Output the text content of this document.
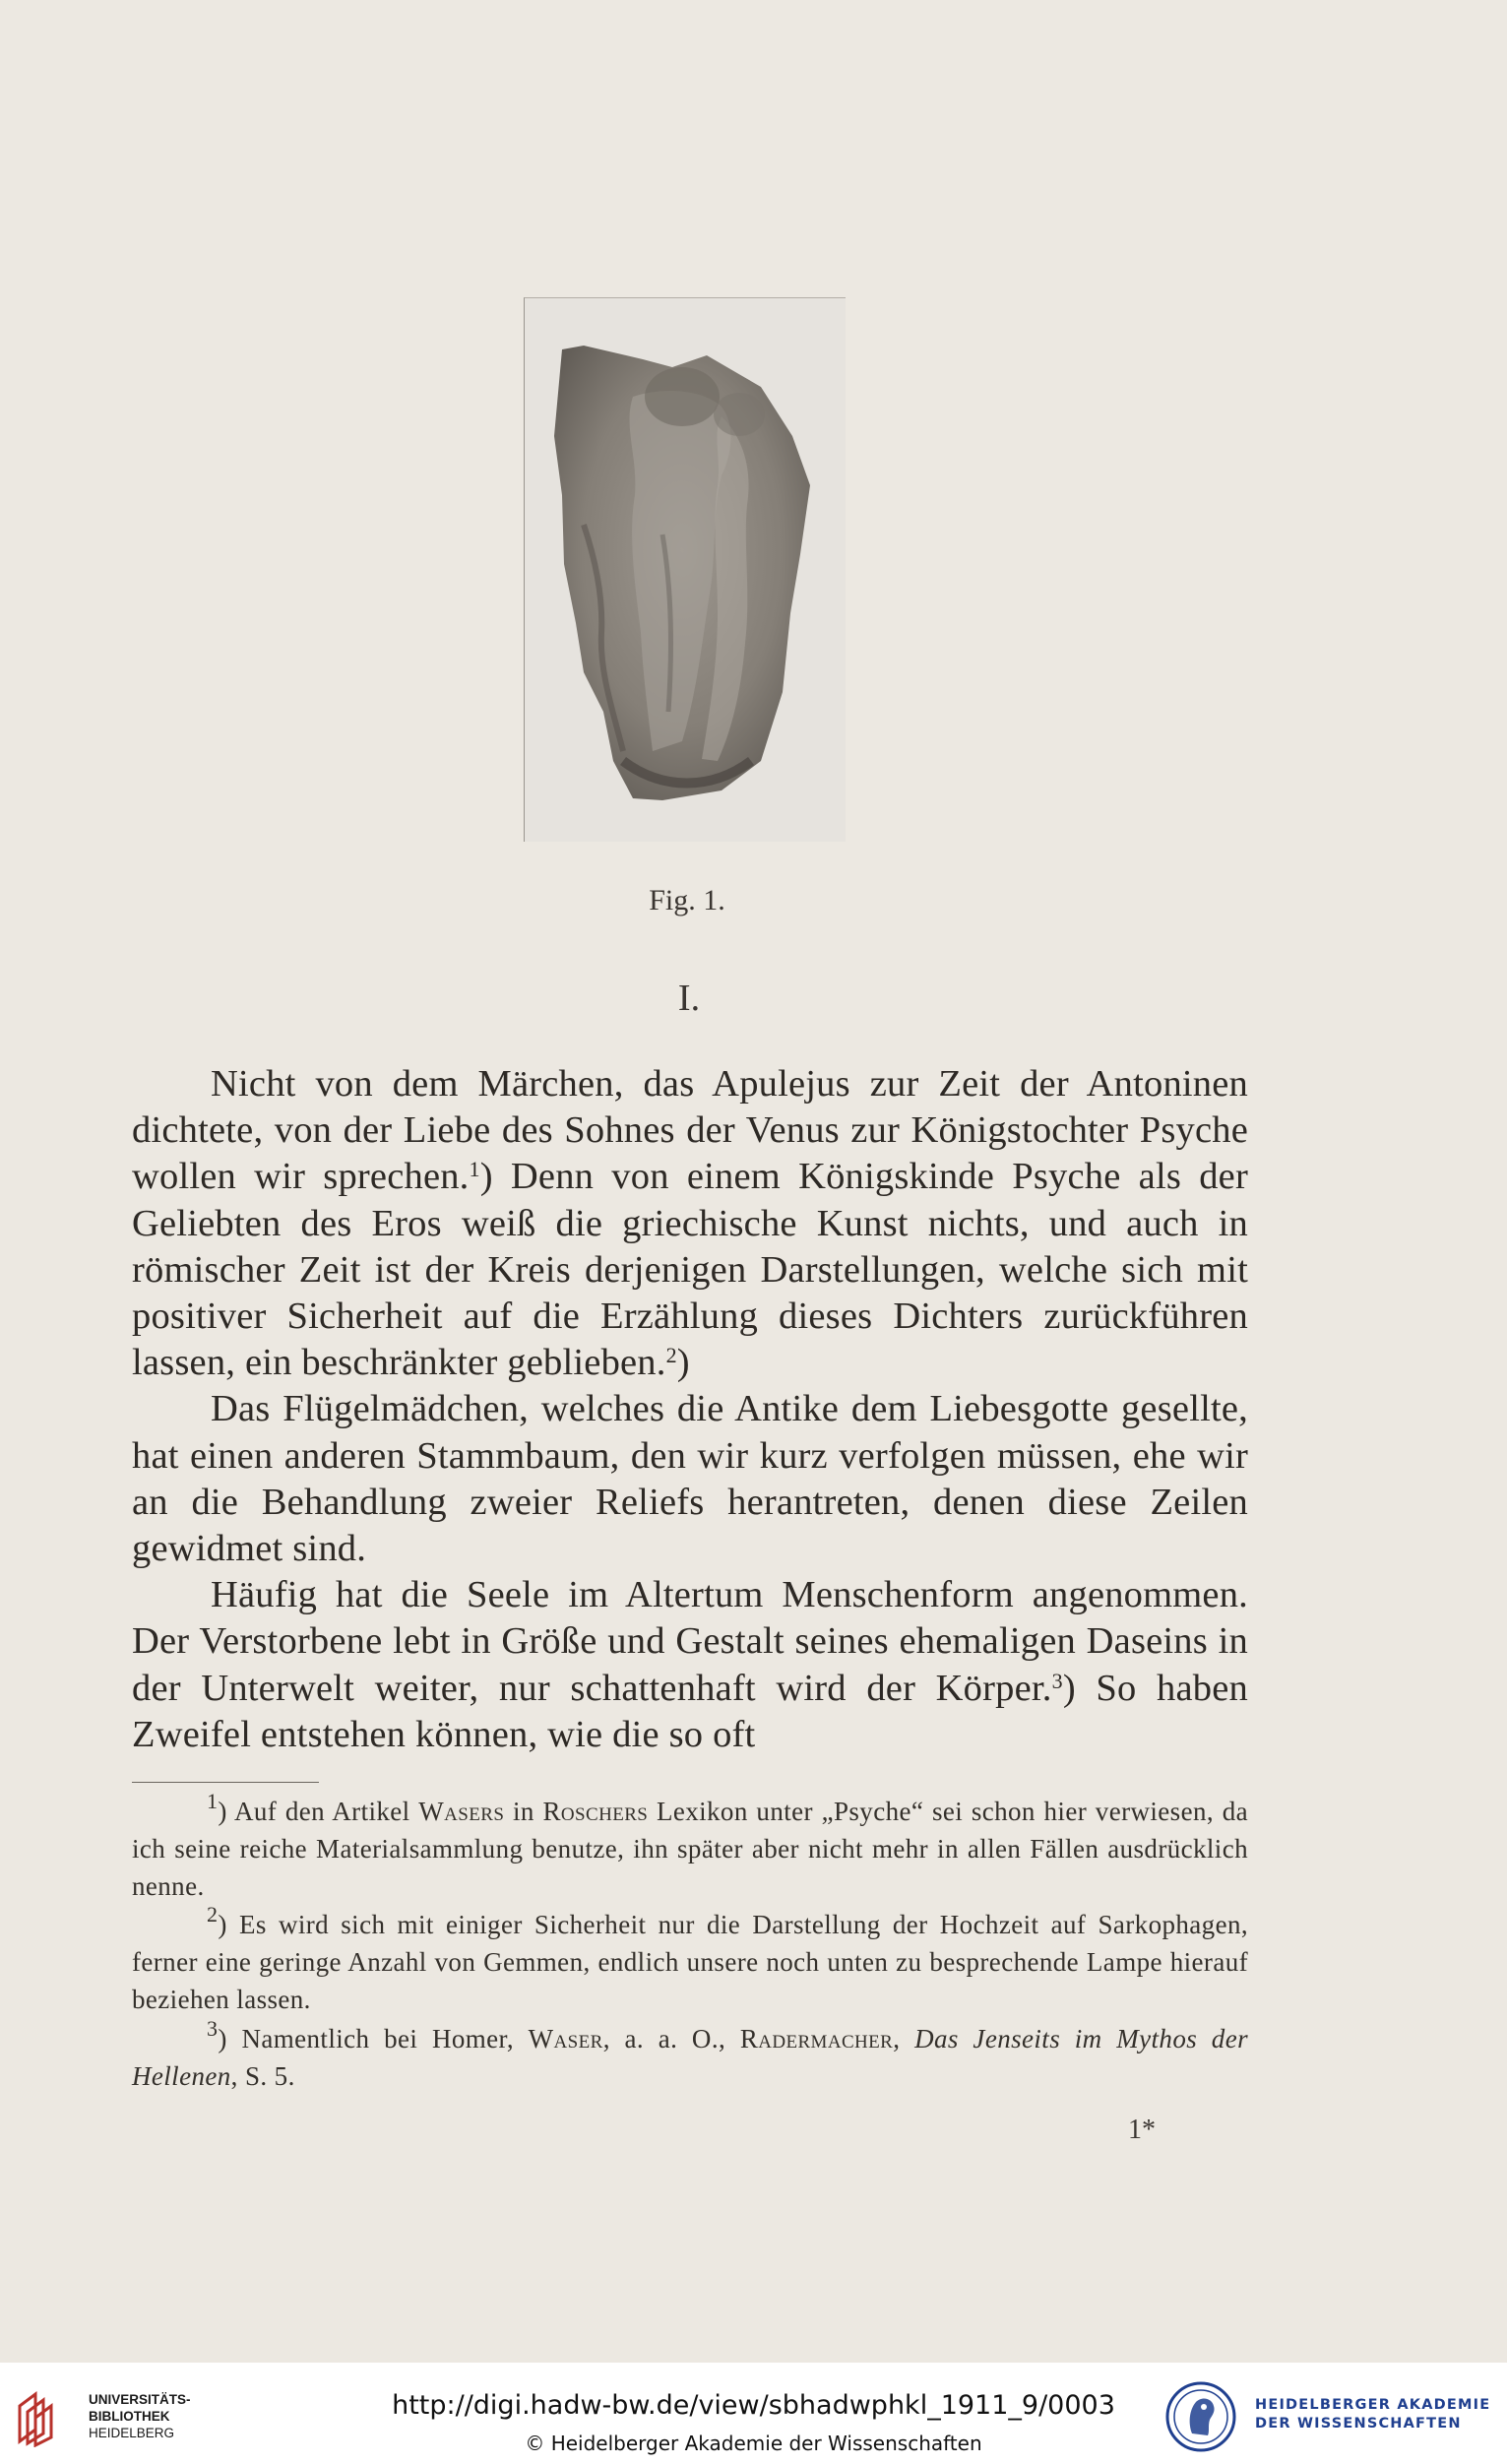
Fig. 1.
I.

Nicht von dem Märchen, das Apulejus zur Zeit der Antoninen dichtete, von der Liebe des Sohnes der Venus zur Königstochter Psyche wollen wir sprechen.$^1$) Denn von einem Königskinde Psyche als der Geliebten des Eros weiß die griechische Kunst nichts, und auch in römischer Zeit ist der Kreis derjenigen Darstellungen, welche sich mit positiver Sicherheit auf die Erzählung dieses Dichters zurückführen lassen, ein beschränkter geblieben.$^2$)

Das Flügelmädchen, welches die Antike dem Liebesgotte gesellte, hat einen anderen Stammbaum, den wir kurz verfolgen müssen, ehe wir an die Behandlung zweier Reliefs herantreten, denen diese Zeilen gewidmet sind.

Häufig hat die Seele im Altertum Menschenform angenommen. Der Verstorbene lebt in Größe und Gestalt seines ehemaligen Daseins in der Unterwelt weiter, nur schattenhaft wird der Körper.$^3$) So haben Zweifel entstehen können, wie die so oft

$^1$) Auf den Artikel Wasers in Roschers Lexikon unter „Psyche“ sei schon hier verwiesen, da ich seine reiche Materialsammlung benutze, ihn später aber nicht mehr in allen Fällen ausdrücklich nenne.

$^2$) Es wird sich mit einiger Sicherheit nur die Darstellung der Hochzeit auf Sarkophagen, ferner eine geringe Anzahl von Gemmen, endlich unsere noch unten zu besprechende Lampe hierauf beziehen lassen.

$^3$) Namentlich bei Homer, Waser, a. a. O., Radermacher, Das Jenseits im Mythos der Hellenen, S. 5.

1*
UNIVERSITÄTS-
BIBLIOTHEK
HEIDELBERG
http://digi.hadw-bw.de/view/sbhadwphkl_1911_9/0003
© Heidelberger Akademie der Wissenschaften
HEIDELBERGER AKADEMIE
DER WISSENSCHAFTEN
